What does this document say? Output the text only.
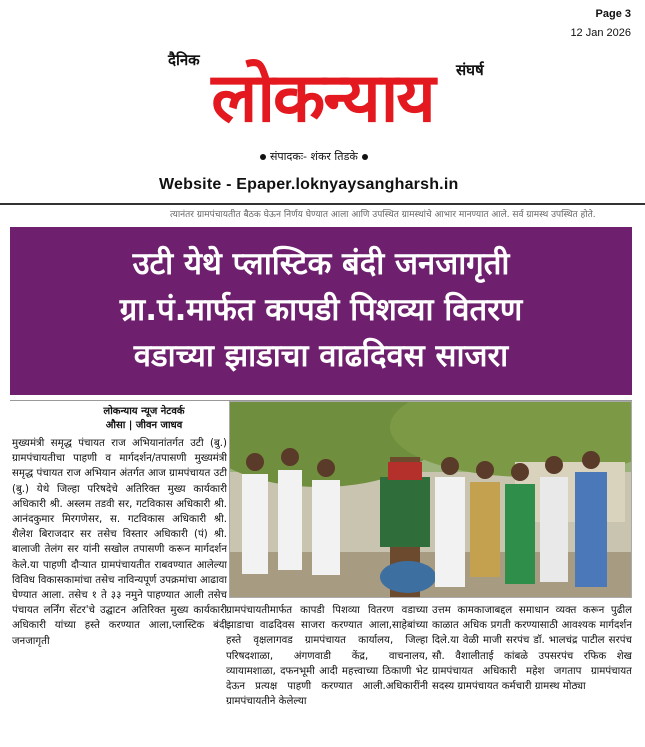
Page 3
12 Jan 2026
दैनिक लोकन्याय	संघर्ष
संपादकः- शंकर तिडके
Website - Epaper.loknyaysangharsh.in
त्यानंतर ग्रामपंचायतीत बैठक घेऊन निर्णय घेण्यात आला आणि उपस्थित ग्रामस्थांचे आभार मानण्यात आले. सर्व ग्रामस्थ उपस्थित होते.
उटी येथे प्लास्टिक बंदी जनजागृती
ग्रा.पं.मार्फत कापडी पिशव्या वितरण
वडाच्या झाडाचा वाढदिवस साजरा
लोकन्याय न्यूज नेटवर्क
औसा | जीवन जाधव

मुख्यमंत्री समृद्ध पंचायत राज अभियानांतर्गत उटी (बु.) ग्रामपंचायतीचा पाहणी व मार्गदर्शन/तपासणी मुख्यमंत्री समृद्ध पंचायत राज अभियान अंतर्गत आज ग्रामपंचायत उटी (बु.) येथे जिल्हा परिषदेचे अतिरिक्त मुख्य कार्यकारी अधिकारी श्री. अस्लम तडवी सर, गटविकास अधिकारी श्री. आनंदकुमार मिरगणेसर, स. गटविकास अधिकारी श्री. शैलेश बिराजदार सर तसेच विस्तार अधिकारी (पं) श्री. बालाजी तेलंग सर यांनी सखोल तपासणी करून मार्गदर्शन केले.या पाहणी दौऱ्यात ग्रामपंचायतीत राबवण्यात आलेल्या विविध विकासकामांचा तसेच नाविन्यपूर्ण उपक्रमांचा आढावा घेण्यात आला. तसेच १ ते ३३ नमुने पाहण्यात आली तसेच पंचायत लर्निंग सेंटर'चे उद्घाटन अतिरिक्त मुख्य कार्यकारी अधिकारी यांच्या हस्ते करण्यात आला,प्लास्टिक बंदी जनजागृती

ग्रामपंचायतीमार्फत कापडी पिशव्या वितरण वडाच्या झाडाचा वाढदिवस साजरा करण्यात आला,साहेबांच्या हस्ते वृक्षलागवड ग्रामपंचायत कार्यालय, जिल्हा परिषदशाळा, अंगणवाडी केंद्र, वाचनालय, व्यायामशाळा, दफनभूमी आदी महत्त्वाच्या ठिकाणी भेट देऊन प्रत्यक्ष पाहणी करण्यात आली.अधिकारींनी ग्रामपंचायतीने केलेल्या

उत्तम कामकाजाबद्दल समाधान व्यक्त करून पुढील काळात अधिक प्रगती करण्यासाठी आवश्यक मार्गदर्शन दिले.या वेळी माजी सरपंच डॉ. भालचंद्र पाटील सरपंच सौ. वैशालीताई कांबळे उपसरपंच रफिक शेख ग्रामपंचायत अधिकारी महेश जगताप ग्रामपंचायत सदस्य ग्रामपंचायत कर्मचारी ग्रामस्थ मोठ्या
